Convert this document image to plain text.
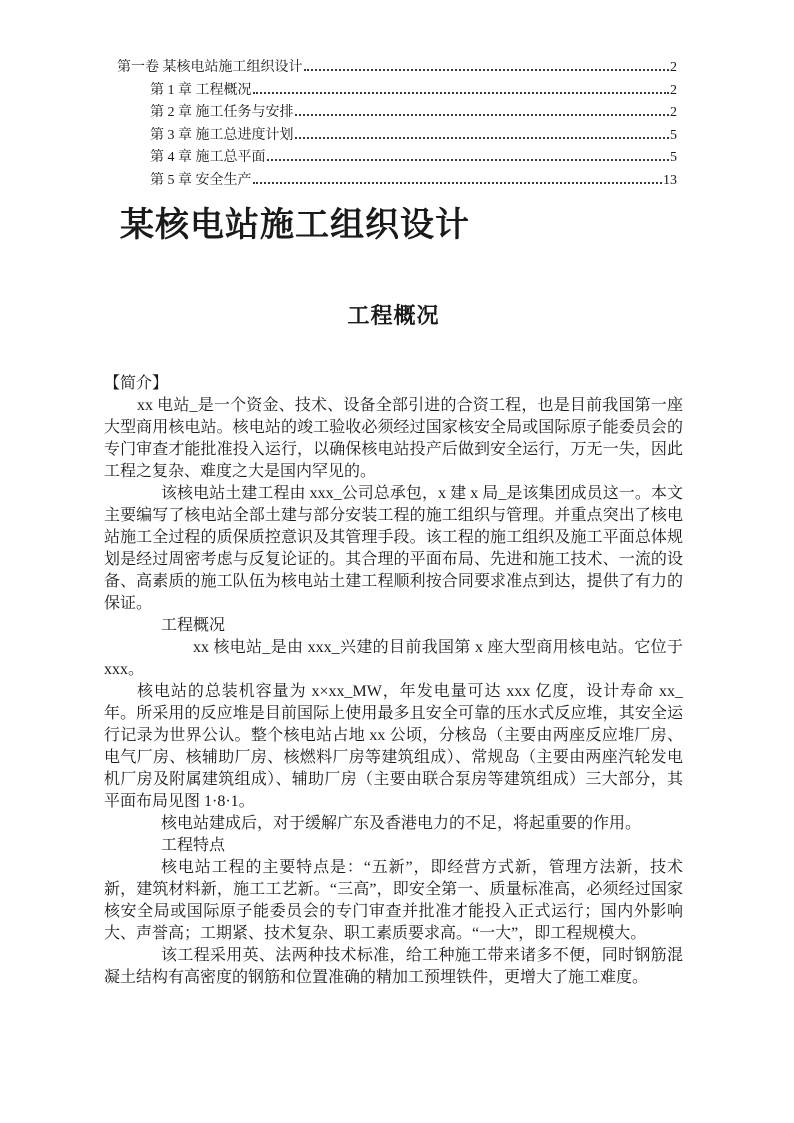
第一卷 某核电站施工组织设计	2
第 1 章 工程概况	2
第 2 章 施工任务与安排	2
第 3 章 施工总进度计划	5
第 4 章 施工总平面	5
第 5 章 安全生产	13
某核电站施工组织设计
工程概况

【简介】

xx 电站_是一个资金、技术、设备全部引进的合资工程，也是目前我国第一座大型商用核电站。核电站的竣工验收必须经过国家核安全局或国际原子能委员会的专门审查才能批准投入运行，以确保核电站投产后做到安全运行，万无一失，因此工程之复杂、难度之大是国内罕见的。

该核电站土建工程由 xxx_公司总承包，x 建 x 局_是该集团成员这一。本文主要编写了核电站全部土建与部分安装工程的施工组织与管理。并重点突出了核电站施工全过程的质保质控意识及其管理手段。该工程的施工组织及施工平面总体规划是经过周密考虑与反复论证的。其合理的平面布局、先进和施工技术、一流的设备、高素质的施工队伍为核电站土建工程顺利按合同要求准点到达，提供了有力的保证。

工程概况

xx 核电站_是由 xxx_兴建的目前我国第 x 座大型商用核电站。它位于 xxx。

核电站的总装机容量为 x×xx_MW，年发电量可达 xxx 亿度，设计寿命 xx_年。所采用的反应堆是目前国际上使用最多且安全可靠的压水式反应堆，其安全运行记录为世界公认。整个核电站占地 xx 公顷，分核岛（主要由两座反应堆厂房、电气厂房、核辅助厂房、核燃料厂房等建筑组成）、常规岛（主要由两座汽轮发电机厂房及附属建筑组成）、辅助厂房（主要由联合泵房等建筑组成）三大部分，其平面布局见图 1·8·1。

核电站建成后，对于缓解广东及香港电力的不足，将起重要的作用。

工程特点

核电站工程的主要特点是：“五新”，即经营方式新，管理方法新，技术新，建筑材料新，施工工艺新。“三高”，即安全第一、质量标准高，必须经过国家核安全局或国际原子能委员会的专门审查并批准才能投入正式运行；国内外影响大、声誉高；工期紧、技术复杂、职工素质要求高。“一大”，即工程规模大。

该工程采用英、法两种技术标准，给工种施工带来诸多不便，同时钢筋混凝土结构有高密度的钢筋和位置准确的精加工预埋铁件，更增大了施工难度。
